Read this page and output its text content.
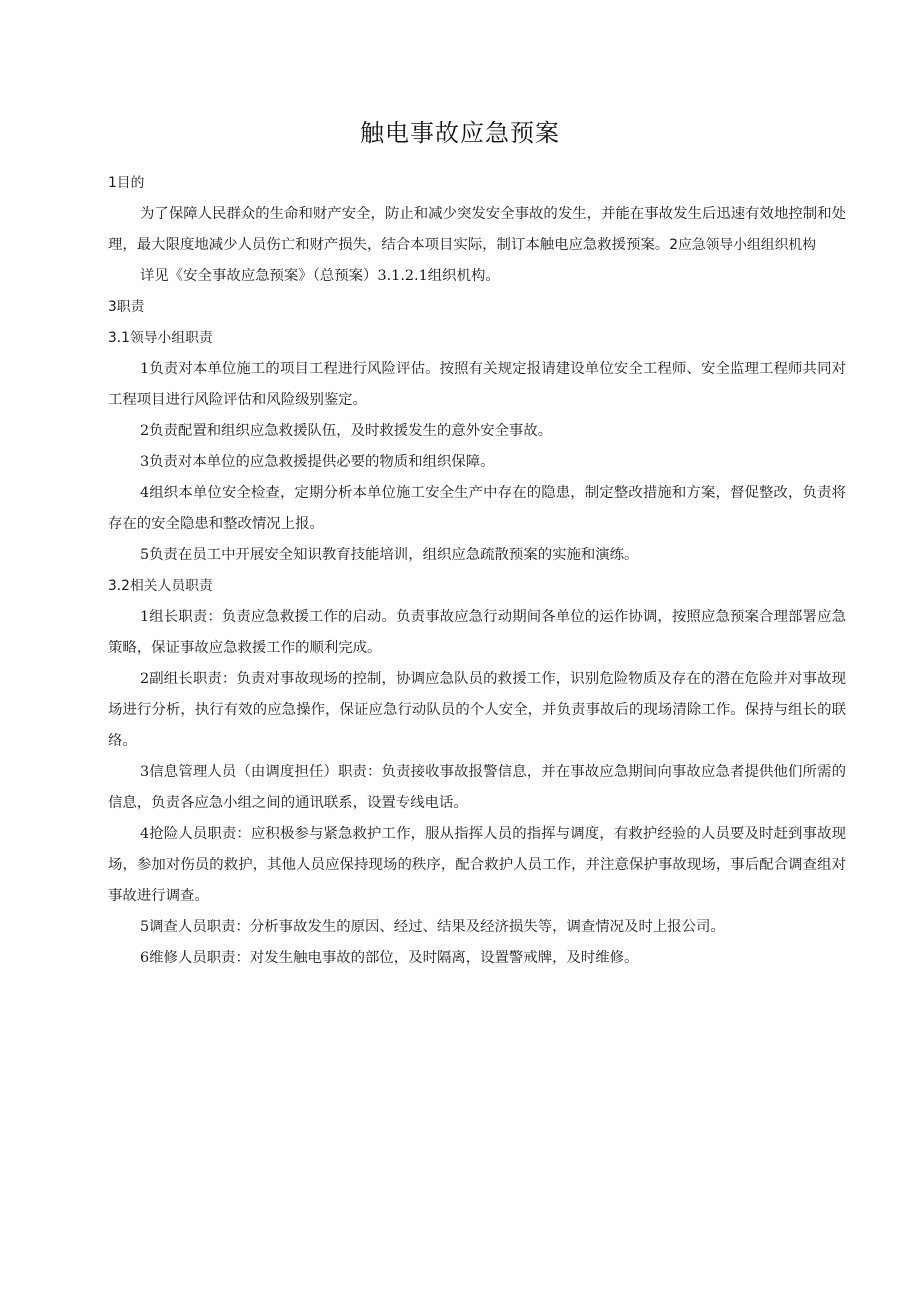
触电事故应急预案

1目的

为了保障人民群众的生命和财产安全，防止和减少突发安全事故的发生，并能在事故发生后迅速有效地控制和处理，最大限度地减少人员伤亡和财产损失，结合本项目实际，制订本触电应急救援预案。2应急领导小组组织机构

详见《安全事故应急预案》（总预案）3.1.2.1组织机构。

3职责

3.1领导小组职责

1负责对本单位施工的项目工程进行风险评估。按照有关规定报请建设单位安全工程师、安全监理工程师共同对工程项目进行风险评估和风险级别鉴定。

2负责配置和组织应急救援队伍，及时救援发生的意外安全事故。

3负责对本单位的应急救援提供必要的物质和组织保障。

4组织本单位安全检查，定期分析本单位施工安全生产中存在的隐患，制定整改措施和方案，督促整改，负责将存在的安全隐患和整改情况上报。

5负责在员工中开展安全知识教育技能培训，组织应急疏散预案的实施和演练。

3.2相关人员职责

1组长职责：负责应急救援工作的启动。负责事故应急行动期间各单位的运作协调，按照应急预案合理部署应急策略，保证事故应急救援工作的顺利完成。

2副组长职责：负责对事故现场的控制，协调应急队员的救援工作，识别危险物质及存在的潜在危险并对事故现场进行分析，执行有效的应急操作，保证应急行动队员的个人安全，并负责事故后的现场清除工作。保持与组长的联络。

3信息管理人员（由调度担任）职责：负责接收事故报警信息，并在事故应急期间向事故应急者提供他们所需的信息，负责各应急小组之间的通讯联系，设置专线电话。

4抢险人员职责：应积极参与紧急救护工作，服从指挥人员的指挥与调度，有救护经验的人员要及时赶到事故现场，参加对伤员的救护，其他人员应保持现场的秩序，配合救护人员工作，并注意保护事故现场，事后配合调查组对事故进行调查。

5调查人员职责：分析事故发生的原因、经过、结果及经济损失等，调查情况及时上报公司。

6维修人员职责：对发生触电事故的部位，及时隔离，设置警戒牌，及时维修。
